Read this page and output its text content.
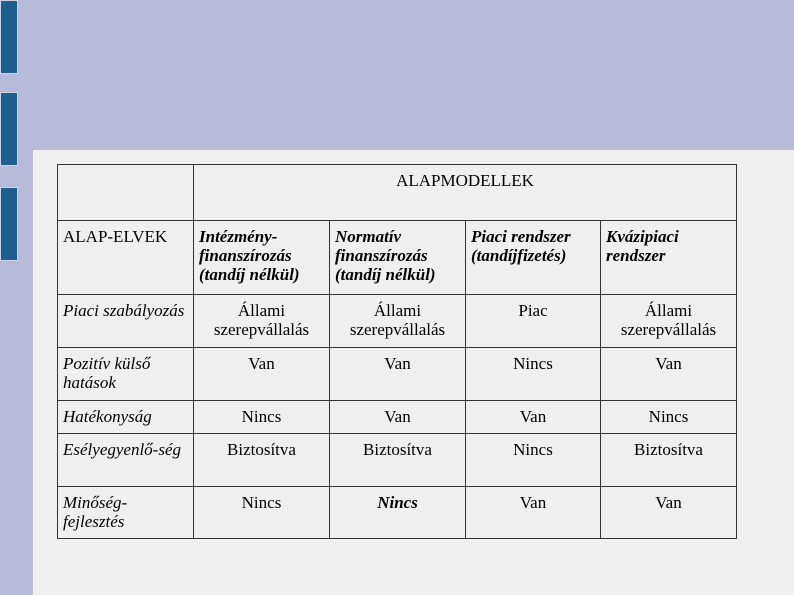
	ALAPMODELLEK			
ALAP-ELVEK	Intézmény-finanszírozás (tandíj nélkül)	Normatív finanszírozás (tandíj nélkül)	Piaci rendszer (tandíjfizetés)	Kvázipiaci rendszer
Piaci szabályozás	Állami szerepvállalás	Állami szerepvállalás	Piac	Állami szerepvállalás
Pozitív külső hatások	Van	Van	Nincs	Van
Hatékonyság	Nincs	Van	Van	Nincs
Esélyegyenlő-ség	Biztosítva	Biztosítva	Nincs	Biztosítva
Minőség-fejlesztés	Nincs	Nincs	Van	Van
